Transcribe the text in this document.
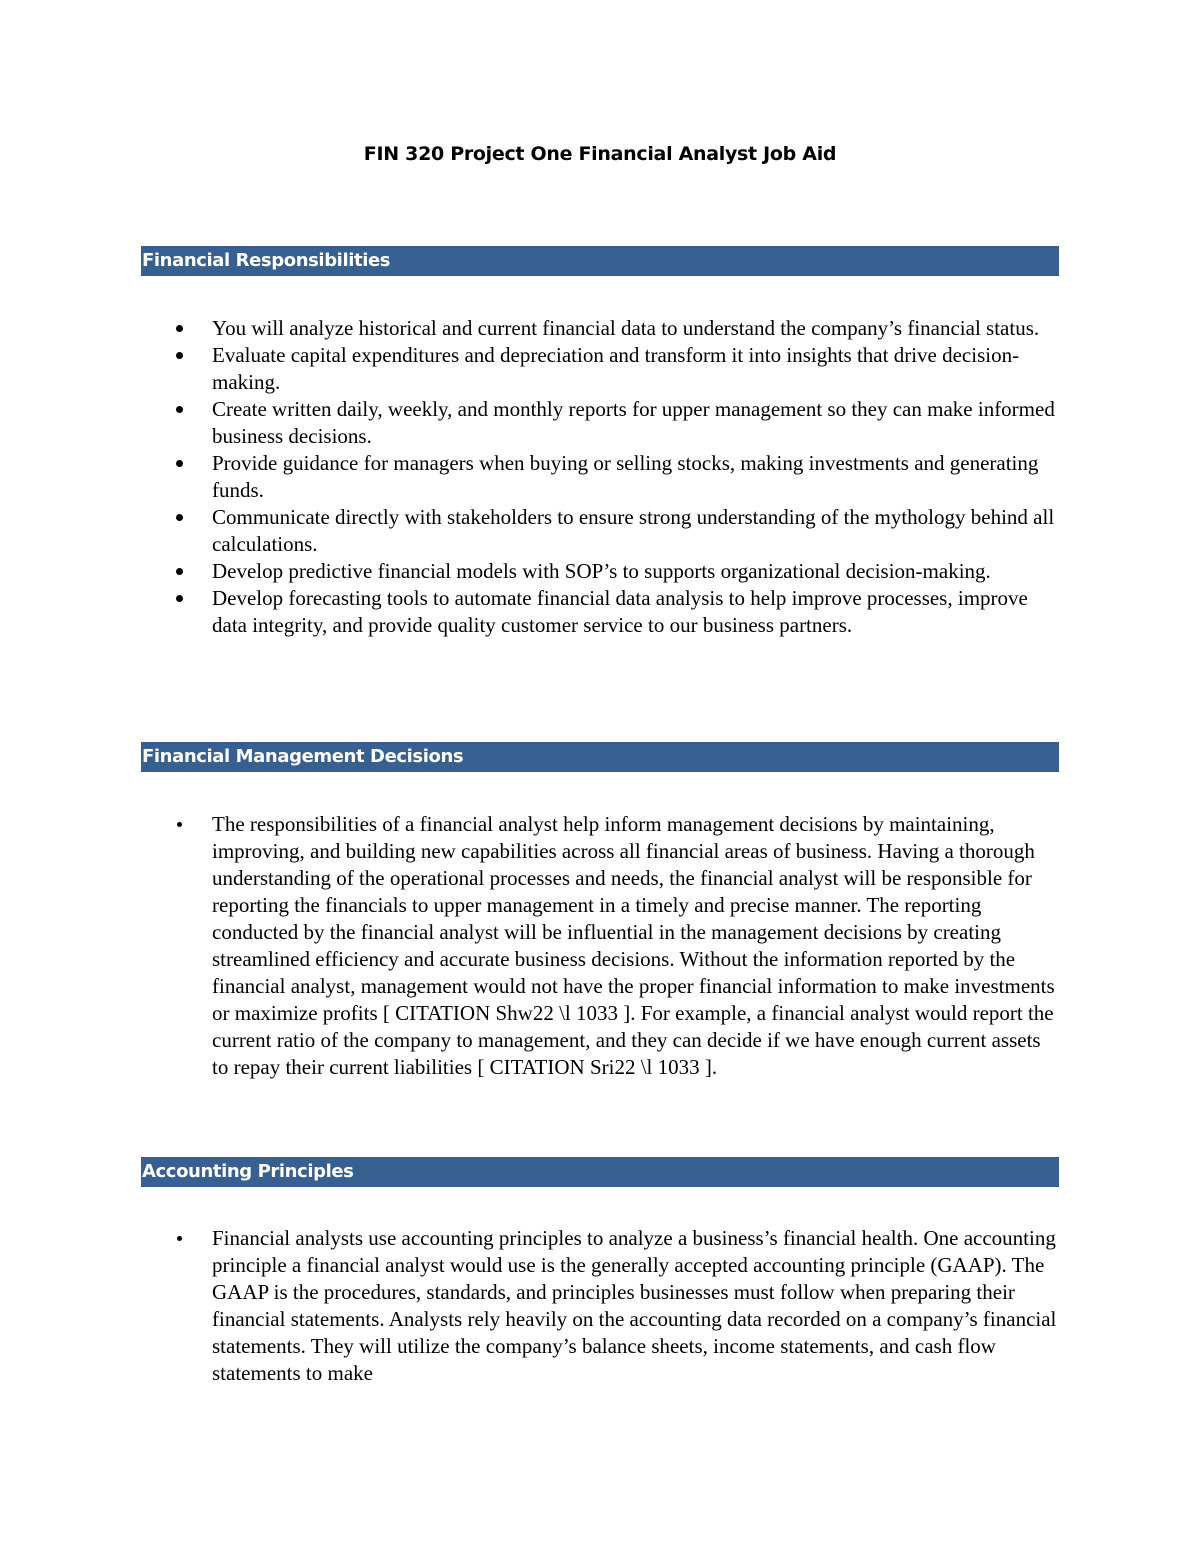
FIN 320 Project One Financial Analyst Job Aid
Financial Responsibilities
You will analyze historical and current financial data to understand the company’s financial status.
Evaluate capital expenditures and depreciation and transform it into insights that drive decision-making.
Create written daily, weekly, and monthly reports for upper management so they can make informed business decisions.
Provide guidance for managers when buying or selling stocks, making investments and generating funds.
Communicate directly with stakeholders to ensure strong understanding of the mythology behind all calculations.
Develop predictive financial models with SOP’s to supports organizational decision-making.
Develop forecasting tools to automate financial data analysis to help improve processes, improve data integrity, and provide quality customer service to our business partners.
Financial Management Decisions
The responsibilities of a financial analyst help inform management decisions by maintaining, improving, and building new capabilities across all financial areas of business. Having a thorough understanding of the operational processes and needs, the financial analyst will be responsible for reporting the financials to upper management in a timely and precise manner. The reporting conducted by the financial analyst will be influential in the management decisions by creating streamlined efficiency and accurate business decisions. Without the information reported by the financial analyst, management would not have the proper financial information to make investments or maximize profits [ CITATION Shw22 \l 1033 ]. For example, a financial analyst would report the current ratio of the company to management, and they can decide if we have enough current assets to repay their current liabilities [ CITATION Sri22 \l 1033 ].
Accounting Principles
Financial analysts use accounting principles to analyze a business’s financial health. One accounting principle a financial analyst would use is the generally accepted accounting principle (GAAP). The GAAP is the procedures, standards, and principles businesses must follow when preparing their financial statements. Analysts rely heavily on the accounting data recorded on a company’s financial statements. They will utilize the company’s balance sheets, income statements, and cash flow statements to make
